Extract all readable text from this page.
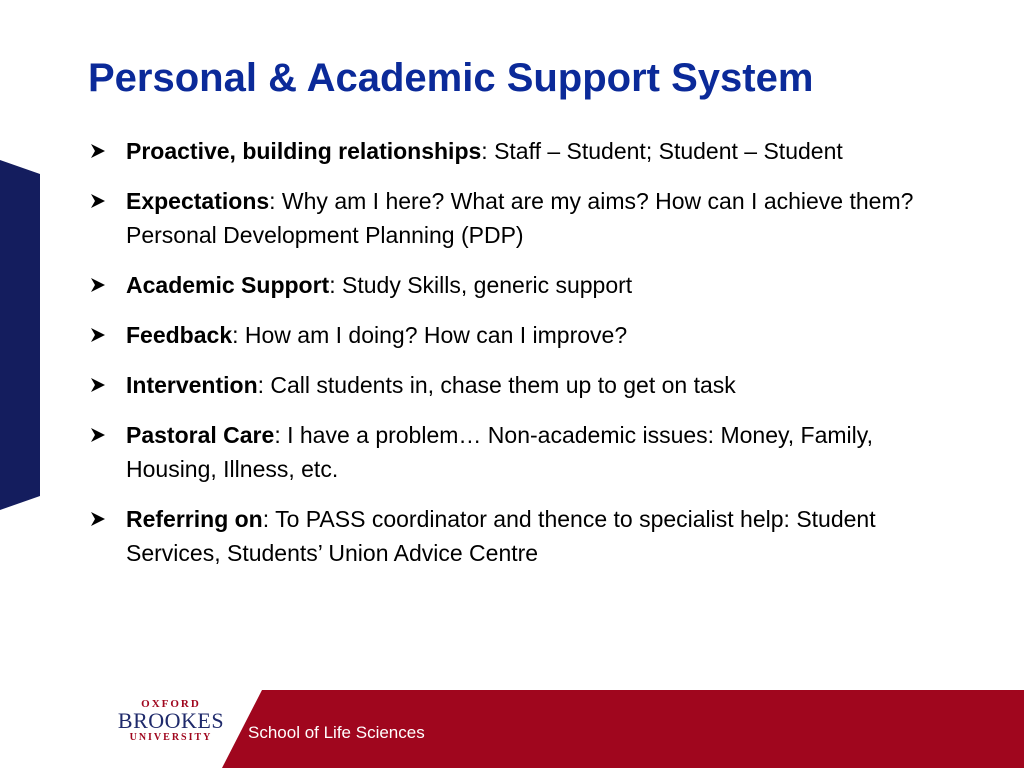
Personal & Academic Support System
Proactive, building relationships: Staff – Student; Student – Student
Expectations: Why am I here? What are my aims? How can I achieve them? Personal Development Planning (PDP)
Academic Support: Study Skills, generic support
Feedback: How am I doing? How can I improve?
Intervention: Call students in, chase them up to get on task
Pastoral Care: I have a problem… Non-academic issues: Money, Family, Housing, Illness, etc.
Referring on: To PASS coordinator and thence to specialist help: Student Services, Students’ Union Advice Centre
OXFORD
BROOKES
UNIVERSITY	School of Life Sciences
